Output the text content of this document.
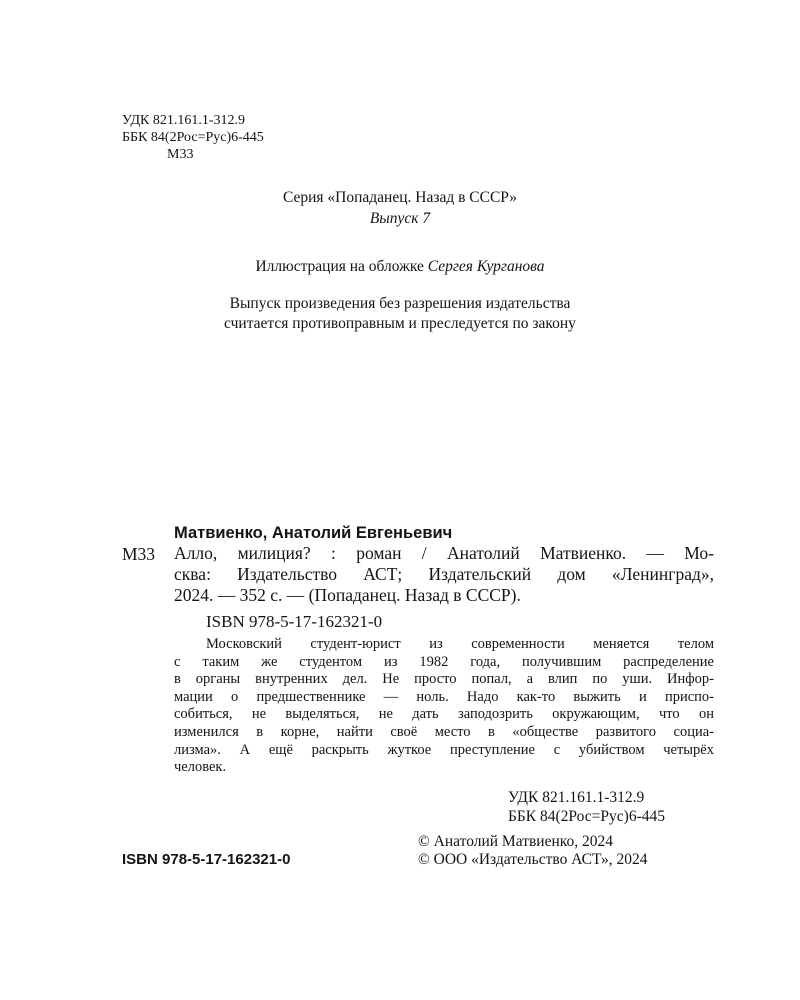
УДК 821.161.1-312.9
ББК 84(2Рос=Рус)6-445
М33
Серия «Попаданец. Назад в СССР»
Выпуск 7
Иллюстрация на обложке Сергея Курганова
Выпуск произведения без разрешения издательства
считается противоправным и преследуется по закону
Матвиенко, Анатолий Евгеньевич
М33 Алло, милиция? : роман / Анатолий Матвиенко. — Мо-
сква: Издательство АСТ; Издательский дом «Ленинград»,
2024. — 352 с. — (Попаданец. Назад в СССР).
ISBN 978-5-17-162321-0
Московский студент-юрист из современности меняется телом
с таким же студентом из 1982 года, получившим распределение
в органы внутренних дел. Не просто попал, а влип по уши. Инфор-
мации о предшественнике — ноль. Надо как-то выжить и приспо-
собиться, не выделяться, не дать заподозрить окружающим, что он
изменился в корне, найти своё место в «обществе развитого социа-
лизма». А ещё раскрыть жуткое преступление с убийством четырёх
человек.
УДК 821.161.1-312.9
ББК 84(2Рос=Рус)6-445
© Анатолий Матвиенко, 2024
© ООО «Издательство АСТ», 2024
ISBN 978-5-17-162321-0
